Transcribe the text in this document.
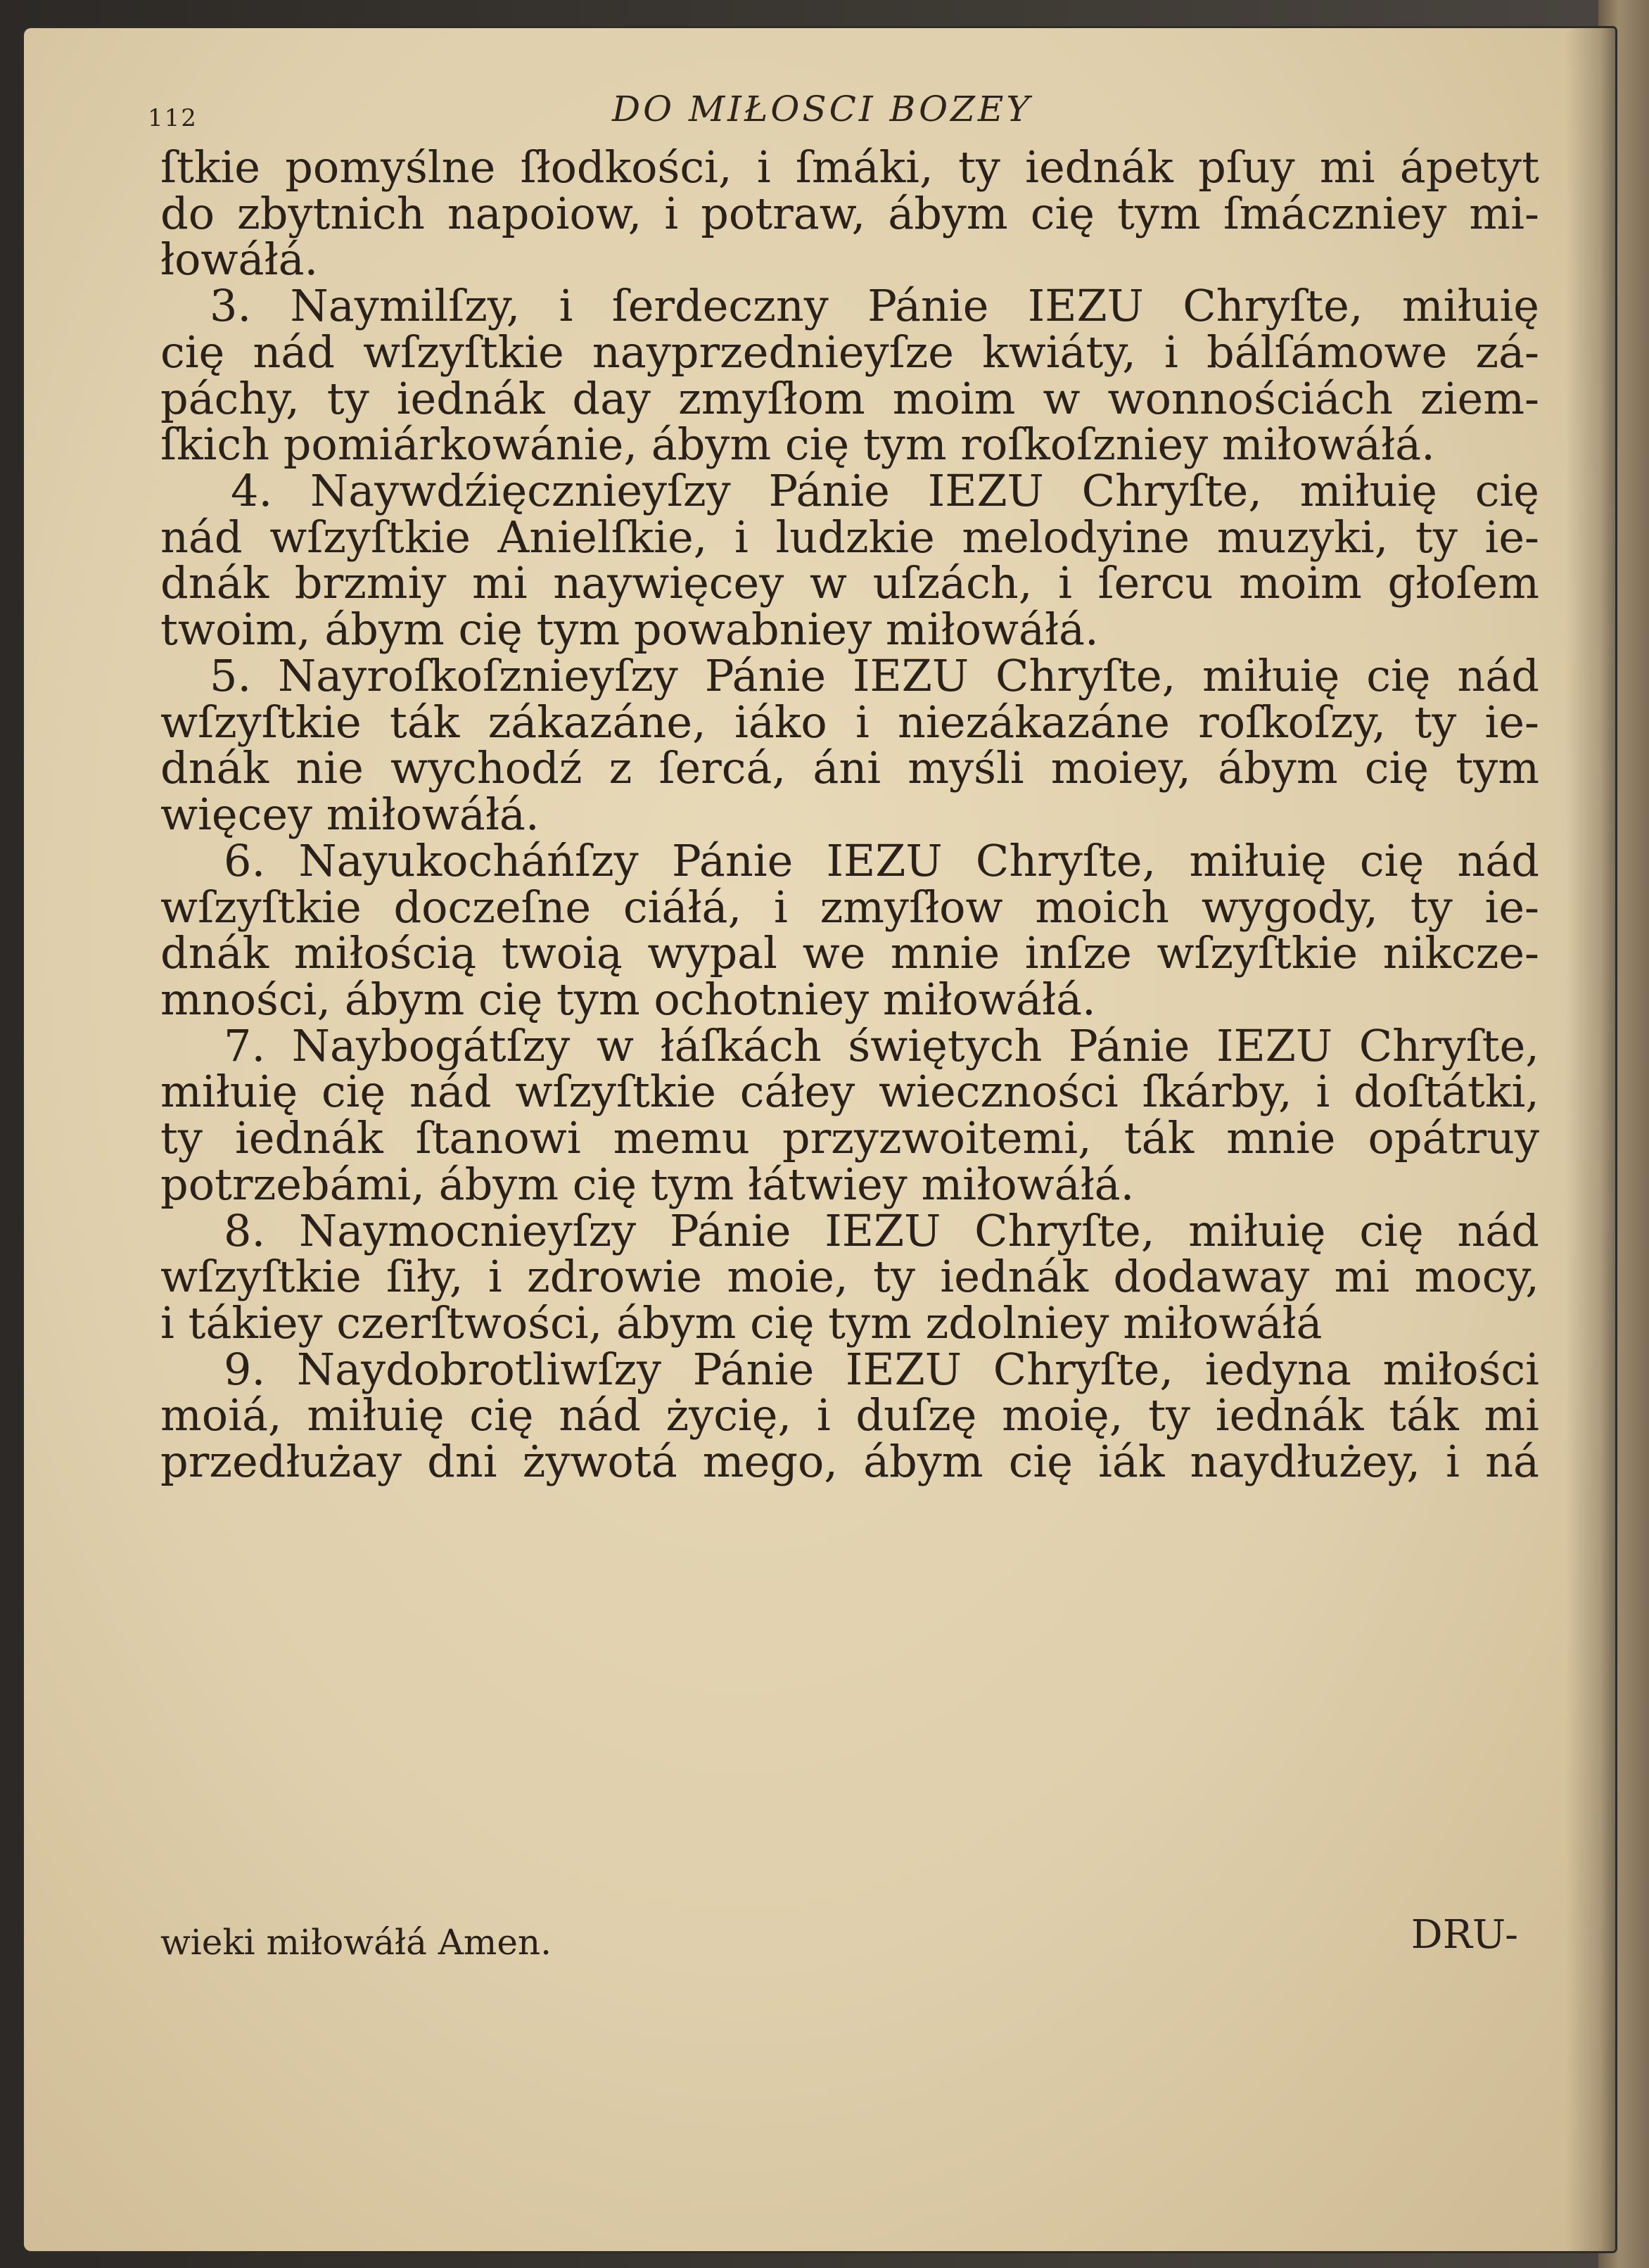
112	DO MIŁOSCI BOZEY

ſtkie pomyślne ſłodkości, i ſmáki, ty iednák pſuy mi ápetyt
do zbytnich napoiow, i potraw, ábym cię tym ſmáczniey mi-
łowáłá.

3. Naymilſzy, i ſerdeczny Pánie IEZU Chryſte, miłuię
cię nád wſzyſtkie nayprzednieyſze kwiáty, i bálſámowe zá-
páchy, ty iednák day zmyſłom moim w wonnościách ziem-
ſkich pomiárkowánie, ábym cię tym roſkoſzniey miłowáłá.

4. Naywdźięcznieyſzy Pánie IEZU Chryſte, miłuię cię
nád wſzyſtkie Anielſkie, i ludzkie melodyine muzyki, ty ie-
dnák brzmiy mi naywięcey w uſzách, i ſercu moim głoſem
twoim, ábym cię tym powabniey miłowáłá.

5. Nayroſkoſznieyſzy Pánie IEZU Chryſte, miłuię cię nád
wſzyſtkie ták zákazáne, iáko i niezákazáne roſkoſzy, ty ie-
dnák nie wychodź z ſercá, áni myśli moiey, ábym cię tym
więcey miłowáłá.

6. Nayukocháńſzy Pánie IEZU Chryſte, miłuię cię nád
wſzyſtkie doczeſne ciáłá, i zmyſłow moich wygody, ty ie-
dnák miłością twoią wypal we mnie inſze wſzyſtkie nikcze-
mności, ábym cię tym ochotniey miłowáłá.

7. Naybogátſzy w łáſkách świętych Pánie IEZU Chryſte,
miłuię cię nád wſzyſtkie cáłey wieczności ſkárby, i doſtátki,
ty iednák ſtanowi memu przyzwoitemi, ták mnie opátruy
potrzebámi, ábym cię tym łátwiey miłowáłá.

8. Naymocnieyſzy Pánie IEZU Chryſte, miłuię cię nád
wſzyſtkie ſiły, i zdrowie moie, ty iednák dodaway mi mocy,
i tákiey czerſtwości, ábym cię tym zdolniey miłowáłá

9. Naydobrotliwſzy Pánie IEZU Chryſte, iedyna miłości
moiá, miłuię cię nád życię, i duſzę moię, ty iednák ták mi
przedłużay dni żywotá mego, ábym cię iák naydłużey, i ná

wieki miłowáłá Amen.	DRU-
